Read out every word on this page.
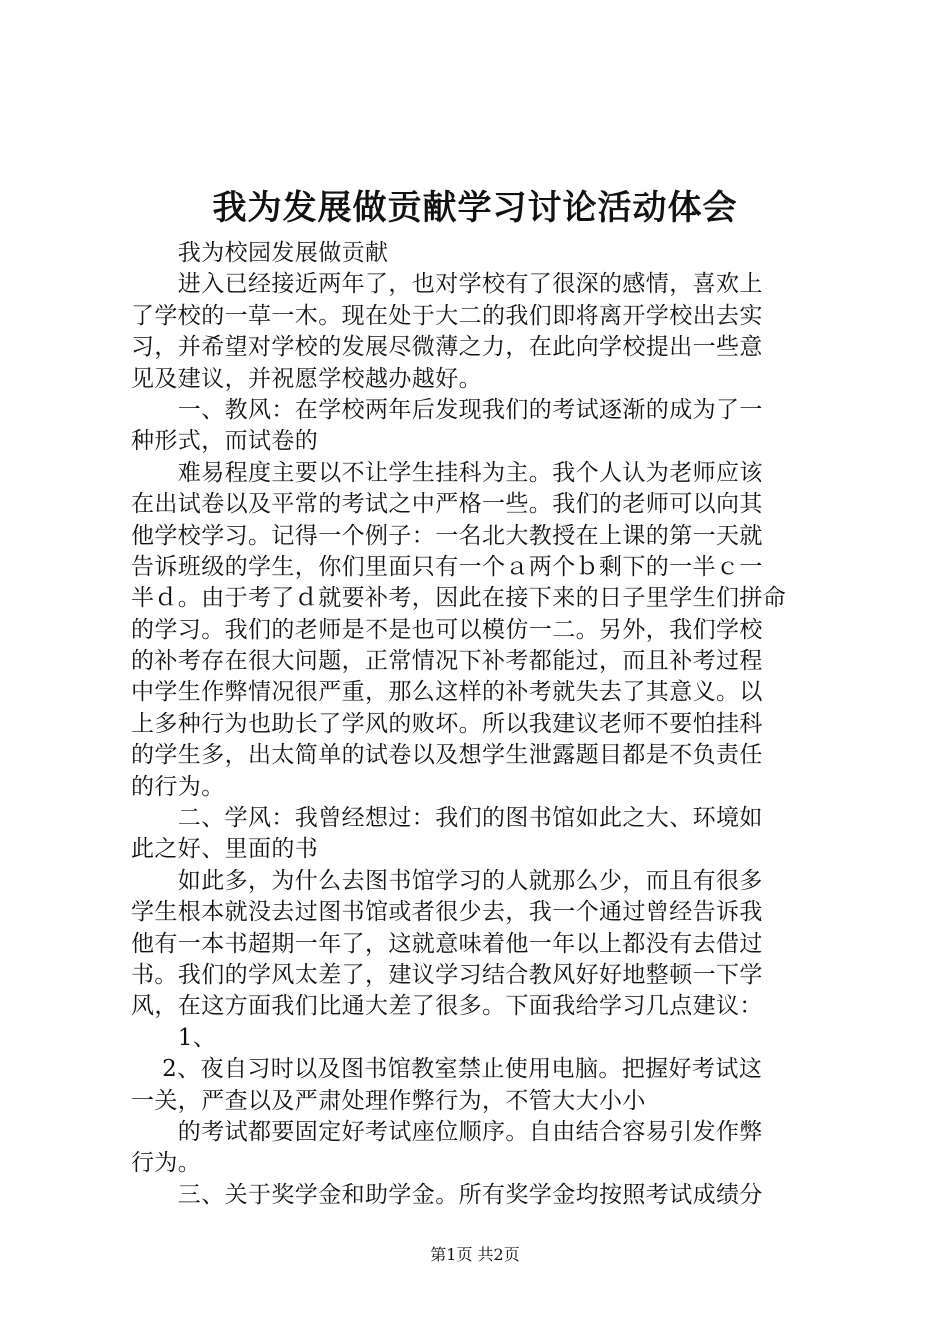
我为发展做贡献学习讨论活动体会
　　我为校园发展做贡献
　　进入已经接近两年了，也对学校有了很深的感情，喜欢上
了学校的一草一木。现在处于大二的我们即将离开学校出去实
习，并希望对学校的发展尽微薄之力，在此向学校提出一些意
见及建议，并祝愿学校越办越好。
　　一、教风：在学校两年后发现我们的考试逐渐的成为了一
种形式，而试卷的
　　难易程度主要以不让学生挂科为主。我个人认为老师应该
在出试卷以及平常的考试之中严格一些。我们的老师可以向其
他学校学习。记得一个例子：一名北大教授在上课的第一天就
告诉班级的学生，你们里面只有一个ａ两个ｂ剩下的一半ｃ一
半ｄ。由于考了ｄ就要补考，因此在接下来的日子里学生们拼命
的学习。我们的老师是不是也可以模仿一二。另外，我们学校
的补考存在很大问题，正常情况下补考都能过，而且补考过程
中学生作弊情况很严重，那么这样的补考就失去了其意义。以
上多种行为也助长了学风的败坏。所以我建议老师不要怕挂科
的学生多，出太简单的试卷以及想学生泄露题目都是不负责任
的行为。
　　二、学风：我曾经想过：我们的图书馆如此之大、环境如
此之好、里面的书
　　如此多，为什么去图书馆学习的人就那么少，而且有很多
学生根本就没去过图书馆或者很少去，我一个通过曾经告诉我
他有一本书超期一年了，这就意味着他一年以上都没有去借过
书。我们的学风太差了，建议学习结合教风好好地整顿一下学
风，在这方面我们比通大差了很多。下面我给学习几点建议：
　　1、
　 2、夜自习时以及图书馆教室禁止使用电脑。把握好考试这
一关，严查以及严肃处理作弊行为，不管大大小小
　　的考试都要固定好考试座位顺序。自由结合容易引发作弊
行为。
　　三、关于奖学金和助学金。所有奖学金均按照考试成绩分
第1页 共2页
